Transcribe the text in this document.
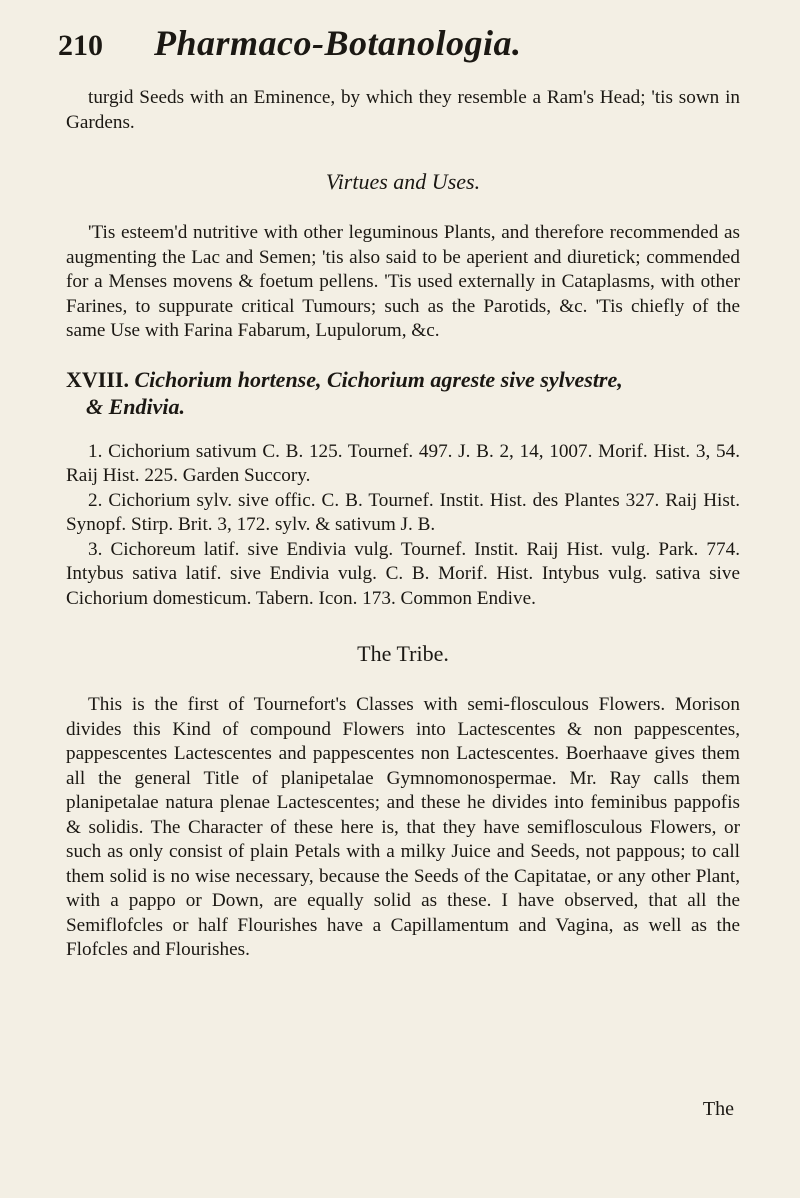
210	Pharmaco-Botanologia.

turgid Seeds with an Eminence, by which they resemble a Ram's Head; 'tis sown in Gardens.

Virtues and Uses.

'Tis esteem'd nutritive with other leguminous Plants, and therefore recommended as augmenting the Lac and Semen; 'tis also said to be aperient and diuretick; commended for a Menses movens & foetum pellens. 'Tis used externally in Cataplasms, with other Farines, to suppurate critical Tumours; such as the Parotids, &c. 'Tis chiefly of the same Use with Farina Fabarum, Lupulorum, &c.

XVIII. Cichorium hortense, Cichorium agreste sive sylvestre,
& Endivia.

1. Cichorium sativum C. B. 125. Tournef. 497. J. B. 2, 14, 1007. Morif. Hist. 3, 54. Raij Hist. 225. Garden Succory.

2. Cichorium sylv. sive offic. C. B. Tournef. Instit. Hist. des Plantes 327. Raij Hist. Synopf. Stirp. Brit. 3, 172. sylv. & sativum J. B.

3. Cichoreum latif. sive Endivia vulg. Tournef. Instit. Raij Hist. vulg. Park. 774. Intybus sativa latif. sive Endivia vulg. C. B. Morif. Hist. Intybus vulg. sativa sive Cichorium domesticum. Tabern. Icon. 173. Common Endive.

The Tribe.

This is the first of Tournefort's Classes with semi-flosculous Flowers. Morison divides this Kind of compound Flowers into Lactescentes & non pappescentes, pappescentes Lactescentes and pappescentes non Lactescentes. Boerhaave gives them all the general Title of planipetalae Gymnomonospermae. Mr. Ray calls them planipetalae natura plenae Lactescentes; and these he divides into feminibus pappofis & solidis. The Character of these here is, that they have semiflosculous Flowers, or such as only consist of plain Petals with a milky Juice and Seeds, not pappous; to call them solid is no wise necessary, because the Seeds of the Capitatae, or any other Plant, with a pappo or Down, are equally solid as these. I have observed, that all the Semiflofcles or half Flourishes have a Capillamentum and Vagina, as well as the Flofcles and Flourishes.

The
